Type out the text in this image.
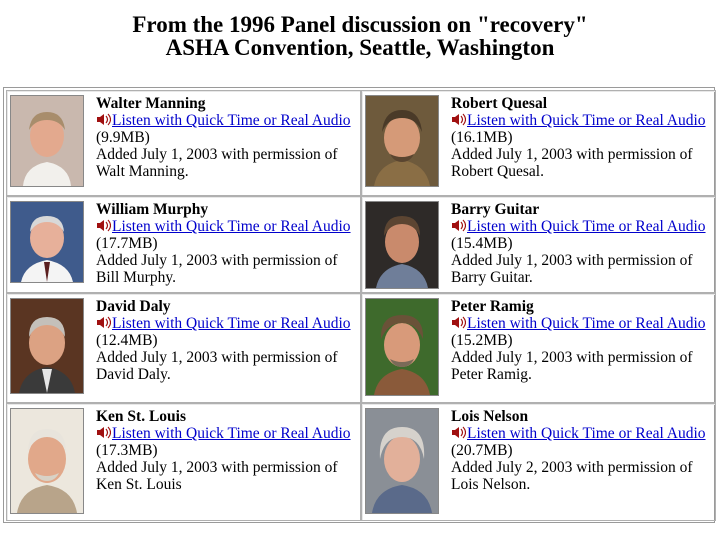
From the 1996 Panel discussion on "recovery"
ASHA Convention, Seattle, Washington
Walter Manning
Listen with Quick Time or Real Audio (9.9MB)
Added July 1, 2003 with permission of Walt Manning.
Robert Quesal
Listen with Quick Time or Real Audio (16.1MB)
Added July 1, 2003 with permission of Robert Quesal.
William Murphy
Listen with Quick Time or Real Audio (17.7MB)
Added July 1, 2003 with permission of Bill Murphy.
Barry Guitar
Listen with Quick Time or Real Audio (15.4MB)
Added July 1, 2003 with permission of Barry Guitar.
David Daly
Listen with Quick Time or Real Audio (12.4MB)
Added July 1, 2003 with permission of David Daly.
Peter Ramig
Listen with Quick Time or Real Audio (15.2MB)
Added July 1, 2003 with permission of Peter Ramig.
Ken St. Louis
Listen with Quick Time or Real Audio (17.3MB)
Added July 1, 2003 with permission of Ken St. Louis
Lois Nelson
Listen with Quick Time or Real Audio (20.7MB)
Added July 2, 2003 with permission of Lois Nelson.
